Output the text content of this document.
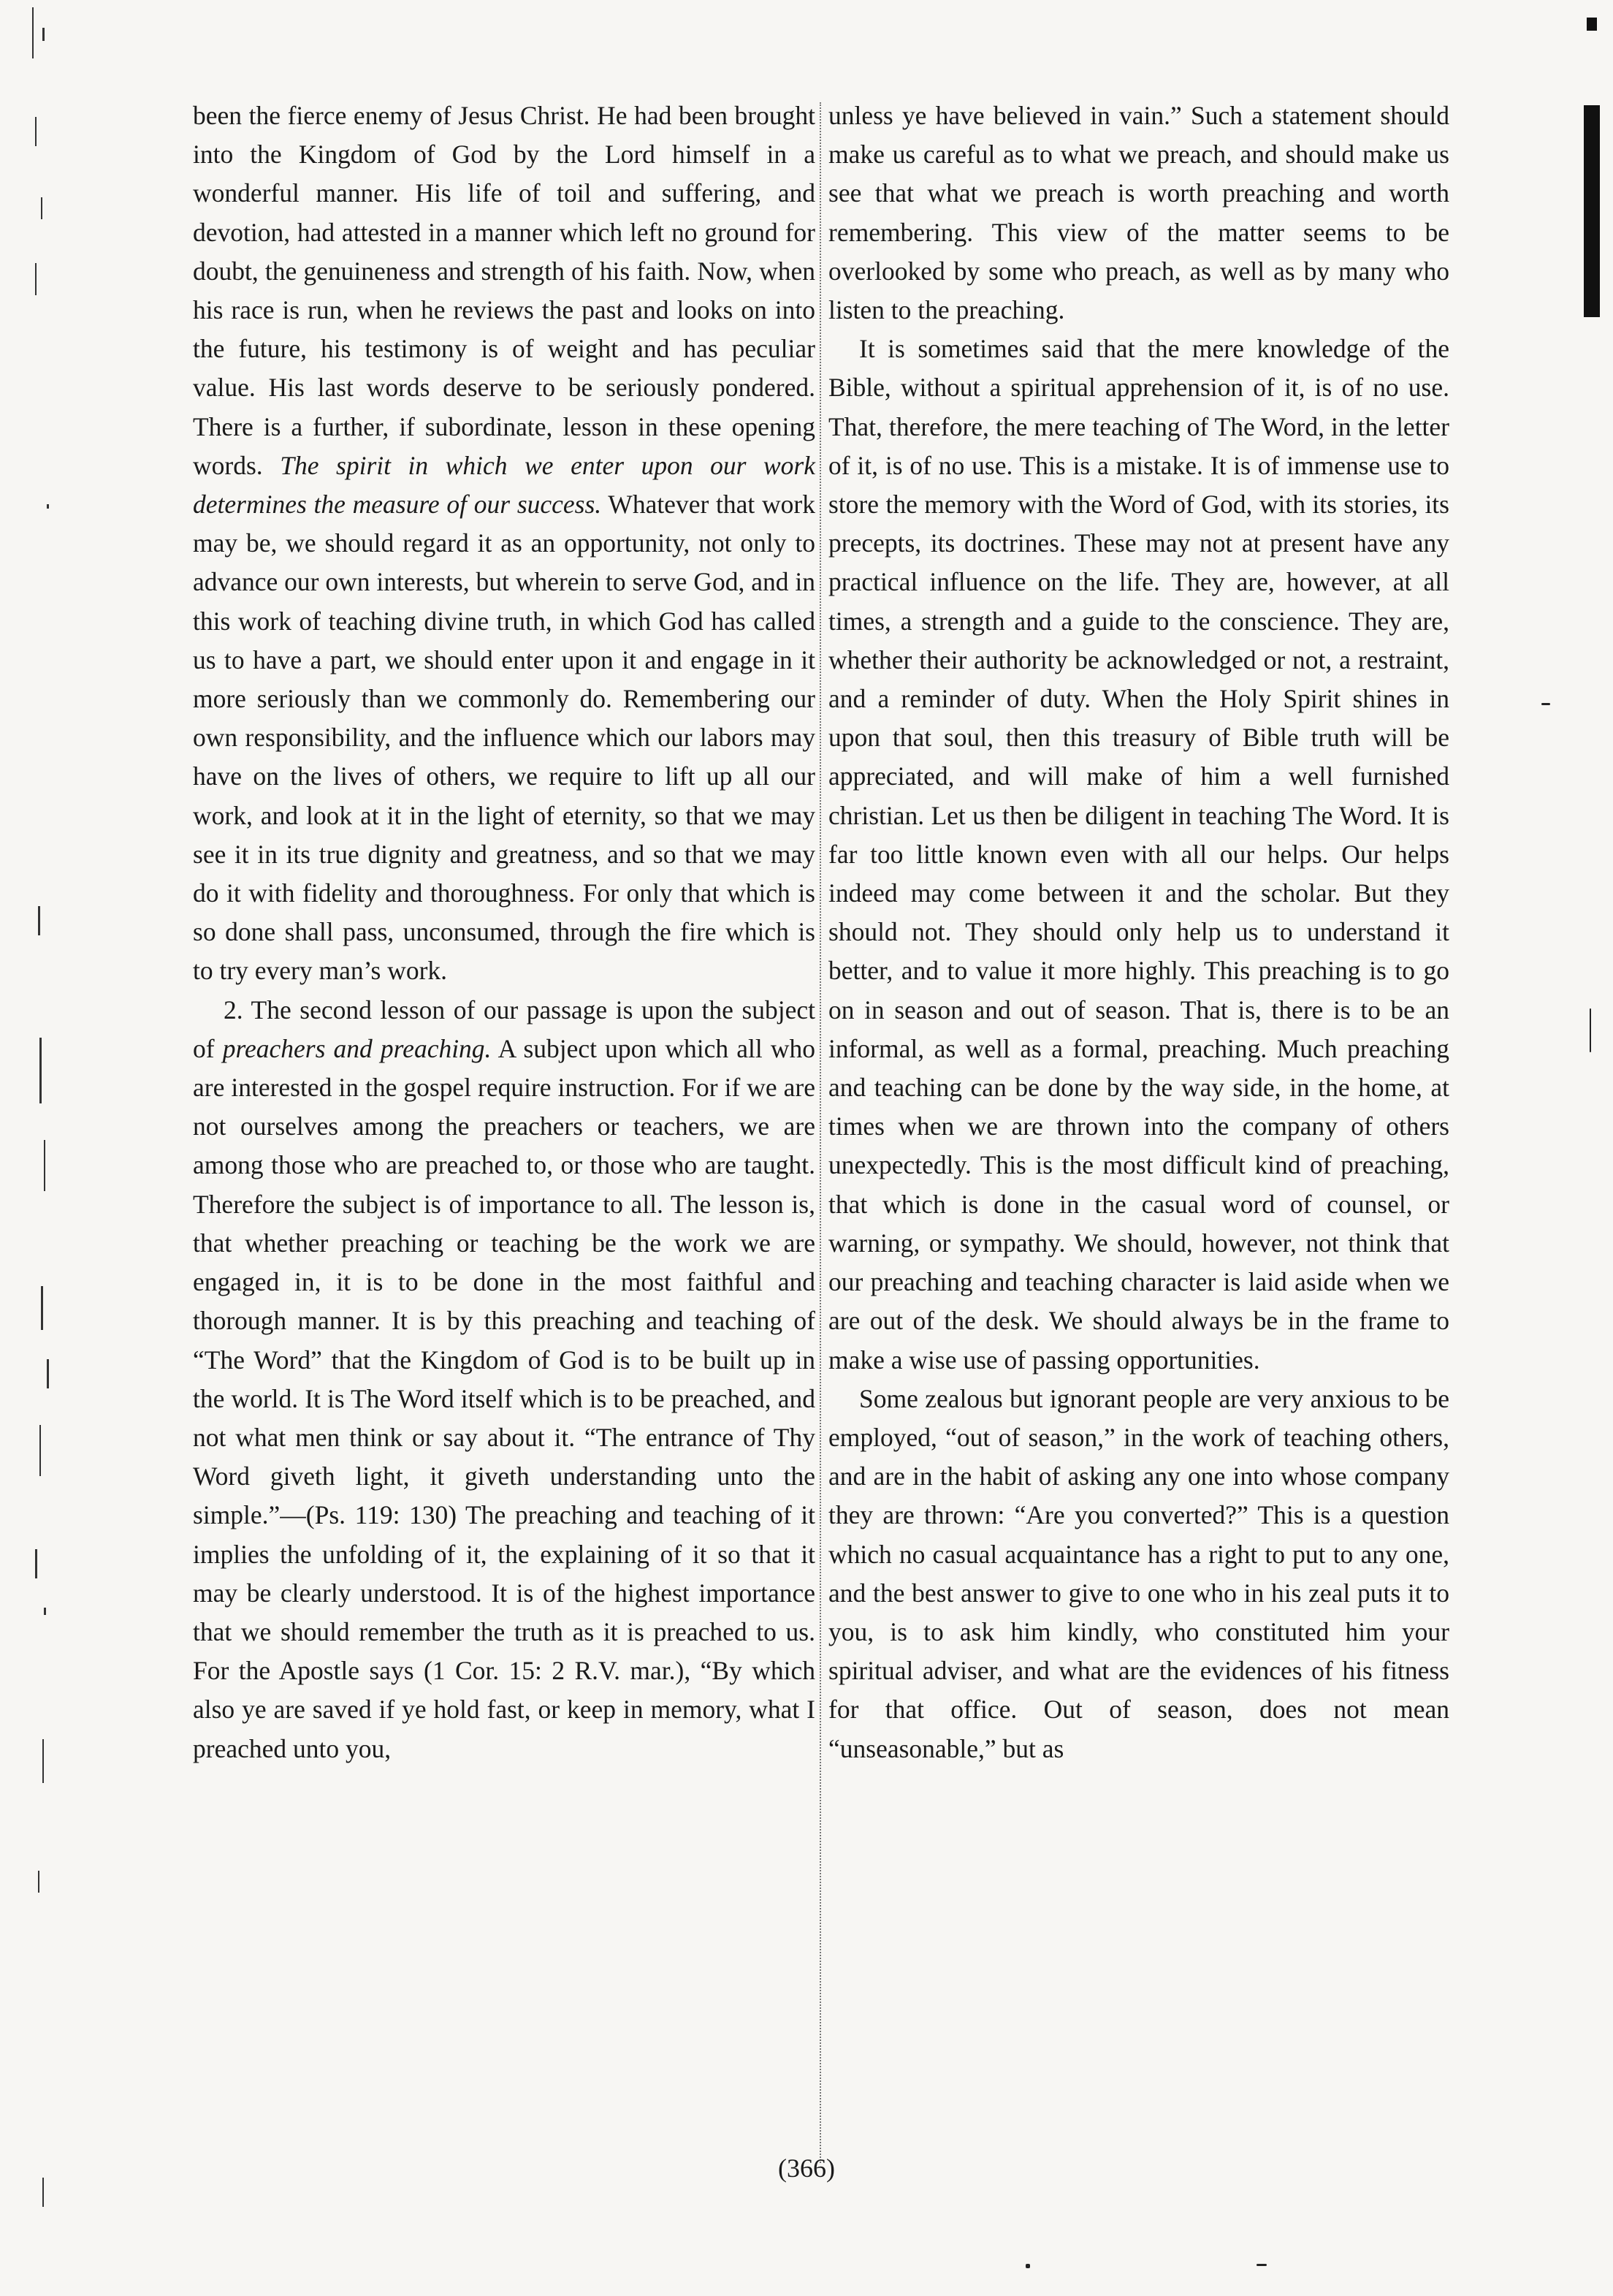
been the fierce enemy of Jesus Christ. He had been brought into the Kingdom of God by the Lord himself in a wonderful manner. His life of toil and suffering, and devotion, had attested in a manner which left no ground for doubt, the genuineness and strength of his faith. Now, when his race is run, when he reviews the past and looks on into the future, his testimony is of weight and has peculiar value. His last words deserve to be seriously pondered. There is a further, if subordinate, lesson in these opening words. The spirit in which we enter upon our work determines the measure of our success. Whatever that work may be, we should regard it as an opportunity, not only to advance our own interests, but wherein to serve God, and in this work of teaching divine truth, in which God has called us to have a part, we should enter upon it and engage in it more seriously than we commonly do. Remembering our own responsibility, and the influence which our labors may have on the lives of others, we require to lift up all our work, and look at it in the light of eternity, so that we may see it in its true dignity and greatness, and so that we may do it with fidelity and thoroughness. For only that which is so done shall pass, unconsumed, through the fire which is to try every man’s work.

2. The second lesson of our passage is upon the subject of preachers and preaching. A subject upon which all who are interested in the gospel require instruction. For if we are not ourselves among the preachers or teachers, we are among those who are preached to, or those who are taught. Therefore the subject is of importance to all. The lesson is, that whether preaching or teaching be the work we are engaged in, it is to be done in the most faithful and thorough manner. It is by this preaching and teaching of “The Word” that the Kingdom of God is to be built up in the world. It is The Word itself which is to be preached, and not what men think or say about it. “The entrance of Thy Word giveth light, it giveth understanding unto the simple.”—(Ps. 119: 130) The preaching and teaching of it implies the unfolding of it, the explaining of it so that it may be clearly understood. It is of the highest importance that we should remember the truth as it is preached to us. For the Apostle says (1 Cor. 15: 2 R.V. mar.), “By which also ye are saved if ye hold fast, or keep in memory, what I preached unto you,

unless ye have believed in vain.” Such a statement should make us careful as to what we preach, and should make us see that what we preach is worth preaching and worth remembering. This view of the matter seems to be overlooked by some who preach, as well as by many who listen to the preaching.

It is sometimes said that the mere knowledge of the Bible, without a spiritual apprehension of it, is of no use. That, therefore, the mere teaching of The Word, in the letter of it, is of no use. This is a mistake. It is of immense use to store the memory with the Word of God, with its stories, its precepts, its doctrines. These may not at present have any practical influence on the life. They are, however, at all times, a strength and a guide to the conscience. They are, whether their authority be acknowledged or not, a restraint, and a reminder of duty. When the Holy Spirit shines in upon that soul, then this treasury of Bible truth will be appreciated, and will make of him a well furnished christian. Let us then be diligent in teaching The Word. It is far too little known even with all our helps. Our helps indeed may come between it and the scholar. But they should not. They should only help us to understand it better, and to value it more highly. This preaching is to go on in season and out of season. That is, there is to be an informal, as well as a formal, preaching. Much preaching and teaching can be done by the way side, in the home, at times when we are thrown into the company of others unexpectedly. This is the most difficult kind of preaching, that which is done in the casual word of counsel, or warning, or sympathy. We should, however, not think that our preaching and teaching character is laid aside when we are out of the desk. We should always be in the frame to make a wise use of passing opportunities.

Some zealous but ignorant people are very anxious to be employed, “out of season,” in the work of teaching others, and are in the habit of asking any one into whose company they are thrown: “Are you converted?” This is a question which no casual acquaintance has a right to put to any one, and the best answer to give to one who in his zeal puts it to you, is to ask him kindly, who constituted him your spiritual adviser, and what are the evidences of his fitness for that office. Out of season, does not mean “unseasonable,” but as

(366)
